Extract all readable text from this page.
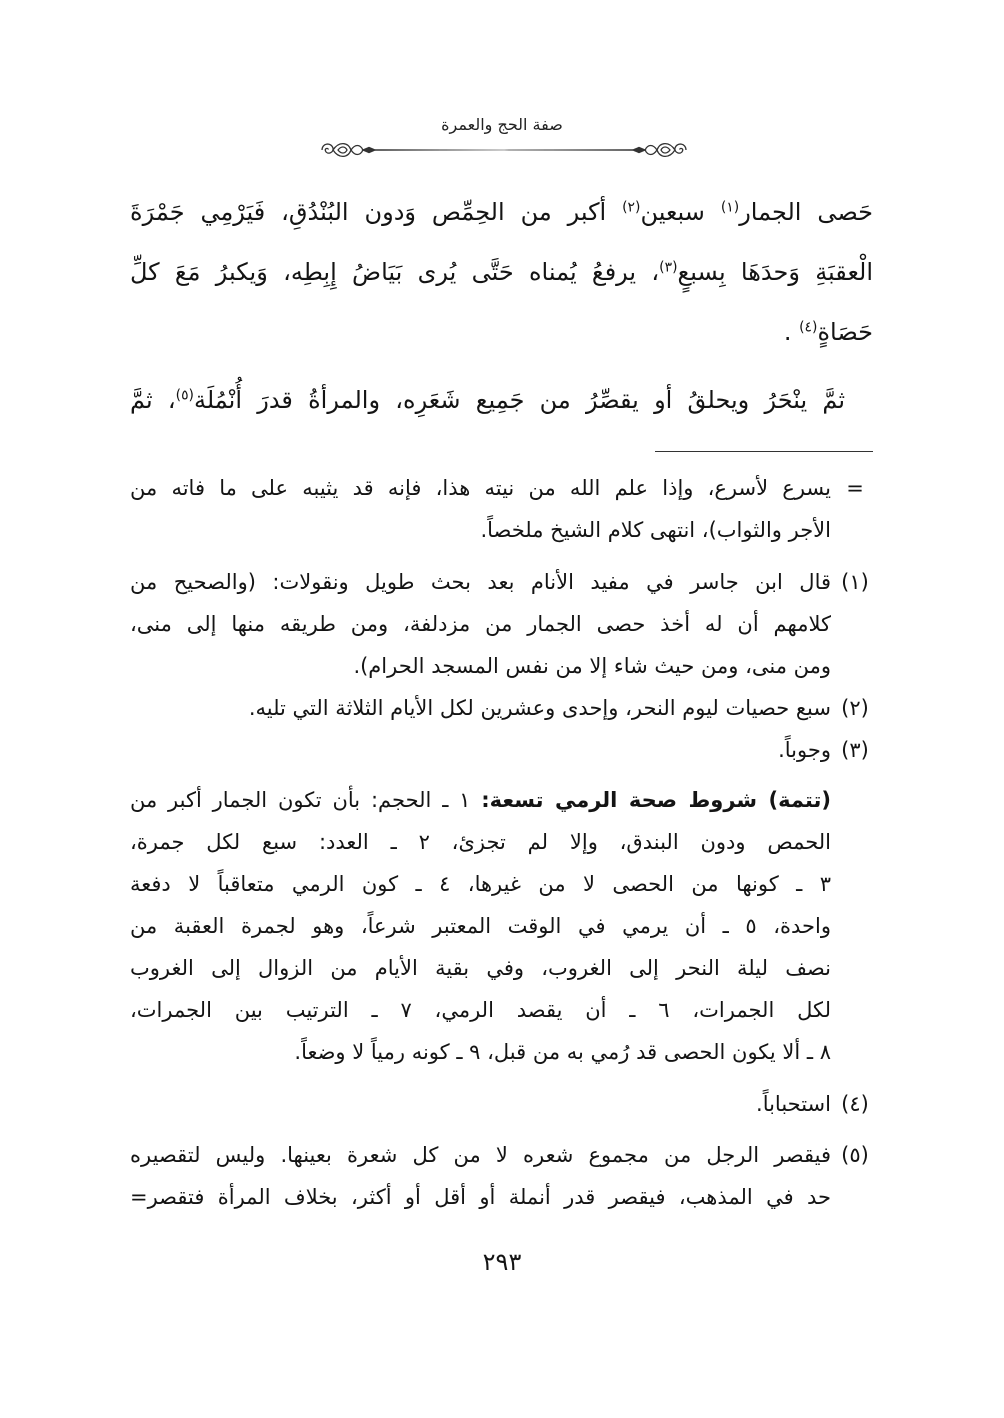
صفة الحج والعمرة
حَصى الجمار$^{(١)}$ سبعين$^{(٢)}$ أكبر من الحِمِّص وَدون البُنْدُقِ، فَيَرْمِي جَمْرَةَ
الْعقبَةِ وَحدَهَا بِسبعٍ$^{(٣)}$، يرفعُ يُمناه حَتَّى يُرى بَيَاضُ إِبِطِه، وَيكبرُ مَعَ كلِّ
حَصَاةٍ$^{(٤)}$ .
ثمَّ ينْحَرُ ويحلقُ أو يقصِّرُ من جَمِيع شَعَرِه، والمرأةُ قدرَ أُنْمُلَة$^{(٥)}$، ثمَّ
=
يسرع لأسرع، وإذا علم الله من نيته هذا، فإنه قد يثيبه على ما فاته من
الأجر والثواب)، انتهى كلام الشيخ ملخصاً.
(١)
قال ابن جاسر في مفيد الأنام بعد بحث طويل ونقولات: (والصحيح من
كلامهم أن له أخذ حصى الجمار من مزدلفة، ومن طريقه منها إلى منى،
ومن منى، ومن حيث شاء إلا من نفس المسجد الحرام).
(٢)
سبع حصيات ليوم النحر، وإحدى وعشرين لكل الأيام الثلاثة التي تليه.
(٣)
وجوباً.
(تتمة) شروط صحة الرمي تسعة: ١ ـ الحجم: بأن تكون الجمار أكبر من
الحمص ودون البندق، وإلا لم تجزئ، ٢ ـ العدد: سبع لكل جمرة،
٣ ـ كونها من الحصى لا من غيرها، ٤ ـ كون الرمي متعاقباً لا دفعة
واحدة، ٥ ـ أن يرمي في الوقت المعتبر شرعاً، وهو لجمرة العقبة من
نصف ليلة النحر إلى الغروب، وفي بقية الأيام من الزوال إلى الغروب
لكل الجمرات، ٦ ـ أن يقصد الرمي، ٧ ـ الترتيب بين الجمرات،
٨ ـ ألا يكون الحصى قد رُمي به من قبل، ٩ ـ كونه رمياً لا وضعاً.
(٤)
استحباباً.
(٥)
فيقصر الرجل من مجموع شعره لا من كل شعرة بعينها. وليس لتقصيره
حد في المذهب، فيقصر قدر أنملة أو أقل أو أكثر، بخلاف المرأة فتقصر=
٢٩٣
